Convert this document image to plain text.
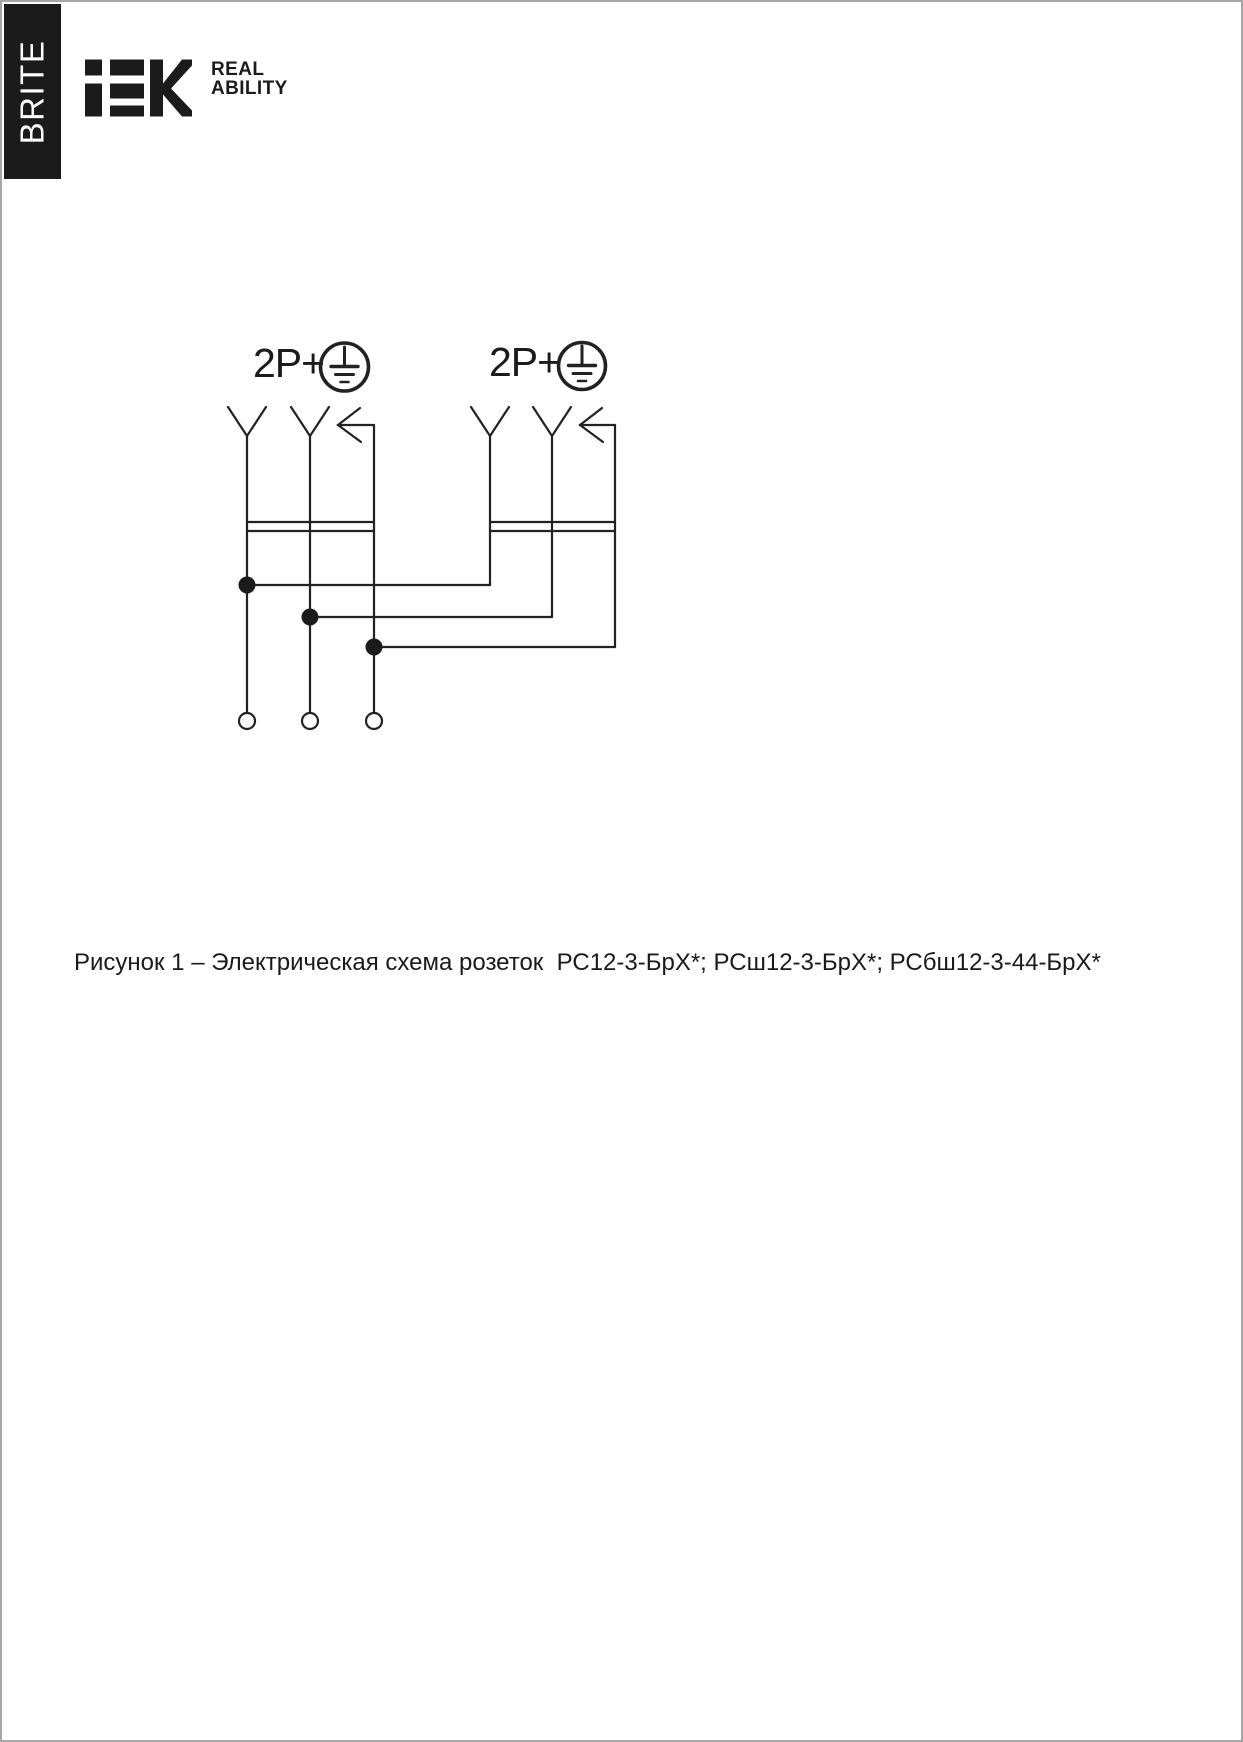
BRITE	REAL
ABILITY
2P+	2P+
Рисунок 1 – Электрическая схема розеток  РС12-3-БрХ*; РСш12-3-БрХ*; РСбш12-3-44-БрХ*
